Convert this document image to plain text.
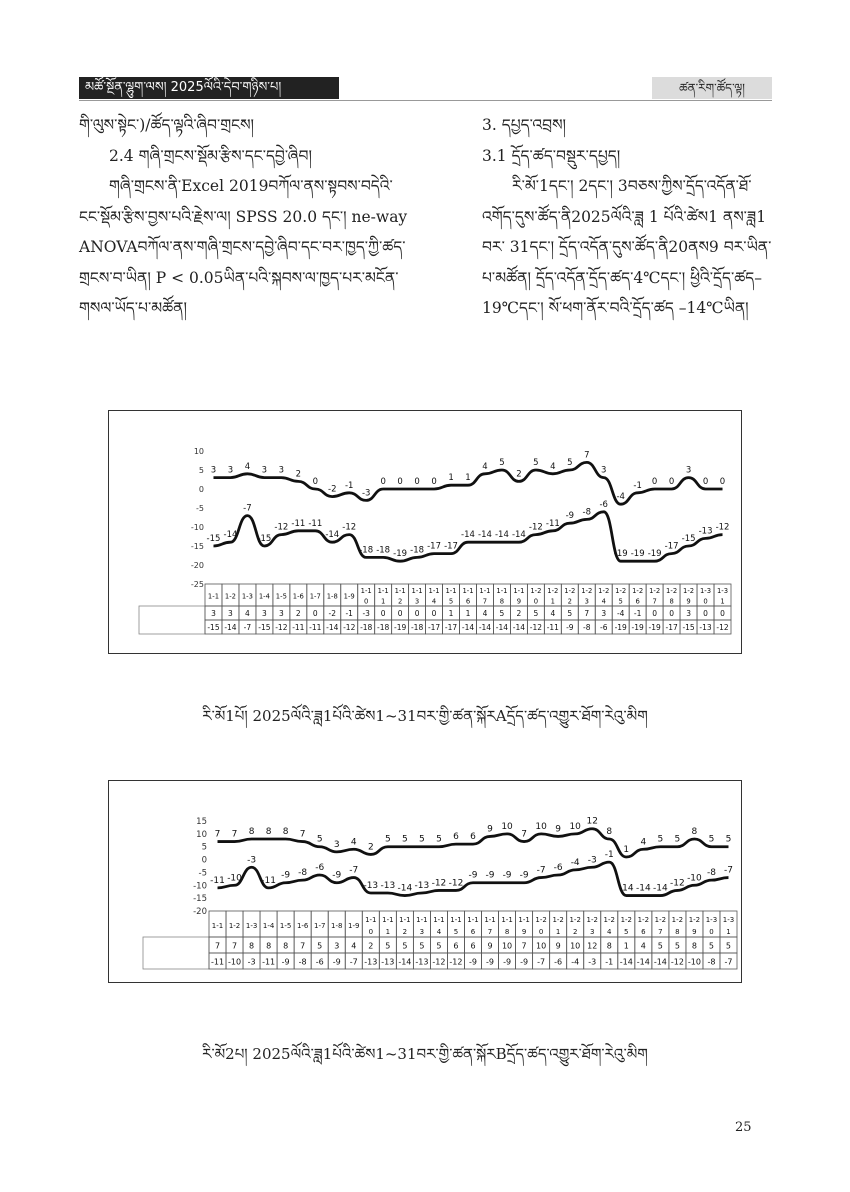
མཚོ་སྔོན་ལྷུག་ལས། 2025ལོའི་དེབ་གཉིས་པ།	ཚན་རིག་ཚོད་ལྟ།

གི་ལུས་སྟེང་)/ཚོད་ལྟའི་ཞིབ་གྲངས།

2.4 གཞི་གྲངས་སྡོམ་རྩིས་དང་དབྱེ་ཞིབ།

གཞི་གྲངས་ནི་Excel 2019བཀོལ་ནས་སྟབས་བདེའི་ངང་སྡོམ་རྩིས་བྱས་པའི་རྗེས་ལ། SPSS 20.0 དང་། ne-way ANOVAབཀོལ་ནས་གཞི་གྲངས་དབྱེ་ཞིབ་དང་བར་ཁྱད་ཀྱི་ཚད་གྲངས་བ་ཡིན། P < 0.05ཡིན་པའི་སྐབས་ལ་ཁྱད་པར་མངོན་གསལ་ཡོད་པ་མཚོན།

3. དཔྱད་འབྲས།

3.1 དྲོད་ཚད་བསྡུར་དཔྱད།

རི་མོ་1དང་། 2དང་། 3བཅས་ཀྱིས་དྲོད་འདོན་ཐོ་འགོད་དུས་ཚོད་ནི2025ལོའི་ཟླ 1 པོའི་ཚེས1 ནས་ཟླ1 བར་ 31དང་། དྲོད་འདོན་དུས་ཚོད་ནི20ནས9 བར་ཡིན་པ་མཚོན། དྲོད་འདོན་དྲོད་ཚད་4℃དང་། ཕྱིའི་དྲོད་ཚད–19℃དང་། སོ་ཕག་ནོར་བའི་དྲོད་ཚད –14℃ཡིན།

10
5
0
-5
-10
-15
-20
-25
3 3 4 3 3 2
0
-2 -1
-3
0 0 0 0 1 1
4 5
2
5 4 5
7
3
-4
-1 0 0
3
0 0
-15 -14
-7
-15
-12 -11 -11
-14
-12
-18 -18 -19 -18 -17 -17
-14 -14 -14 -14
-12 -11
-9 -8
-6
-19 -19 -19
-17
-15
-13 -12
1-1 1-2 1-3 1-4 1-5 1-6 1-7 1-8 1-9
1-1
0
1-1
1
1-1
2
1-1
3
1-1
4
1-1
5
1-1
6
1-1
7
1-1
8
1-1
9
1-2
0
1-2
1
1-2
2
1-2
3
1-2
4
1-2
5
1-2
6
1-2
7
1-2
8
1-2
9
1-3
0
1-3
1
3 3 4 3 3 2 0 -2 -1 -3 0 0 0 0 1 1 4 5 2 5 4 5 7 3 -4 -1 0 0 3 0 0
-15 -14 -7 -15 -12 -11 -11 -14 -12 -18 -18 -19 -18 -17 -17 -14 -14 -14 -14 -12 -11 -9 -8 -6 -19 -19 -19 -17 -15 -13 -12
རི་མོ1པོ། 2025ལོའི་ཟླ1པོའི་ཚེས1~31བར་གྱི་ཚན་སྐོརAདྲོད་ཚད་འགྱུར་ཐོག་རེའུ་མིག
15
10
5
0
-5
-10
-15
-20
7 7 8 8 8 7
5
3 4
2
5 5 5 5 6 6
9 10
7
10 9 10
12
8
1
4 5 5
8
5 5
-11 -10
-3
-11
-9 -8
-6
-9
-7
-13 -13 -14 -13 -12 -12
-9 -9 -9 -9
-7 -6
-4 -3
-1
-14 -14 -14
-12
-10
-8 -7
1-1 1-2 1-3 1-4 1-5 1-6 1-7 1-8 1-9
1-1
0
1-1
1
1-1
2
1-1
3
1-1
4
1-1
5
1-1
6
1-1
7
1-1
8
1-1
9
1-2
0
1-2
1
1-2
2
1-2
3
1-2
4
1-2
5
1-2
6
1-2
7
1-2
8
1-2
9
1-3
0
1-3
1
7 7 8 8 8 7 5 3 4 2 5 5 5 5 6 6 9 10 7 10 9 10 12 8 1 4 5 5 8 5 5
-11 -10 -3 -11 -9 -8 -6 -9 -7 -13 -13 -14 -13 -12 -12 -9 -9 -9 -9 -7 -6 -4 -3 -1 -14 -14 -14 -12 -10 -8 -7
རི་མོ2པ། 2025ལོའི་ཟླ1པོའི་ཚེས1~31བར་གྱི་ཚན་སྐོརBདྲོད་ཚད་འགྱུར་ཐོག་རེའུ་མིག
25
